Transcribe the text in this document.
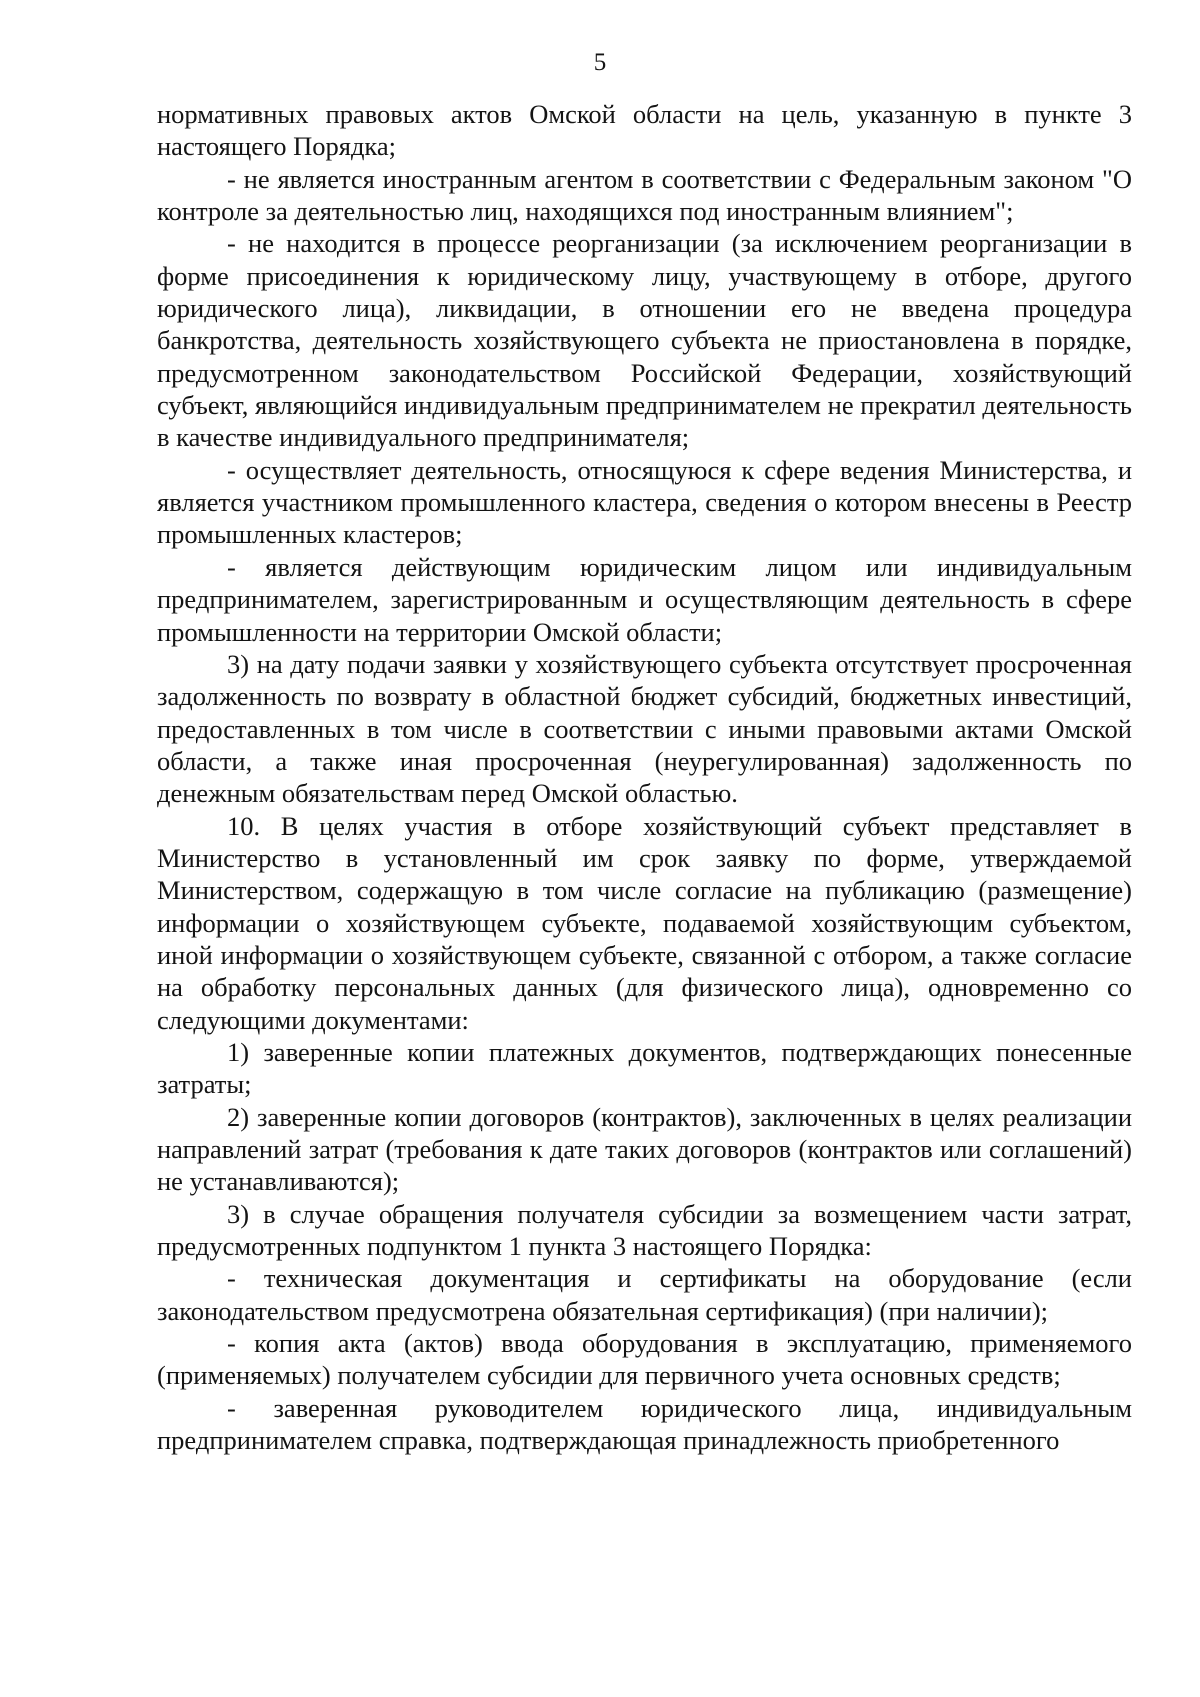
5

нормативных правовых актов Омской области на цель, указанную в пункте 3 настоящего Порядка;

- не является иностранным агентом в соответствии с Федеральным законом "О контроле за деятельностью лиц, находящихся под иностранным влиянием";

- не находится в процессе реорганизации (за исключением реорганизации в форме присоединения к юридическому лицу, участвующему в отборе, другого юридического лица), ликвидации, в отношении его не введена процедура банкротства, деятельность хозяйствующего субъекта не приостановлена в порядке, предусмотренном законодательством Российской Федерации, хозяйствующий субъект, являющийся индивидуальным предпринимателем не прекратил деятельность в качестве индивидуального предпринимателя;

- осуществляет деятельность, относящуюся к сфере ведения Министерства, и является участником промышленного кластера, сведения о котором внесены в Реестр промышленных кластеров;

- является действующим юридическим лицом или индивидуальным предпринимателем, зарегистрированным и осуществляющим деятельность в сфере промышленности на территории Омской области;

3) на дату подачи заявки у хозяйствующего субъекта отсутствует просроченная задолженность по возврату в областной бюджет субсидий, бюджетных инвестиций, предоставленных в том числе в соответствии с иными правовыми актами Омской области, а также иная просроченная (неурегулированная) задолженность по денежным обязательствам перед Омской областью.

10. В целях участия в отборе хозяйствующий субъект представляет в Министерство в установленный им срок заявку по форме, утверждаемой Министерством, содержащую в том числе согласие на публикацию (размещение) информации о хозяйствующем субъекте, подаваемой хозяйствующим субъектом, иной информации о хозяйствующем субъекте, связанной с отбором, а также согласие на обработку персональных данных (для физического лица), одновременно со следующими документами:

1) заверенные копии платежных документов, подтверждающих понесенные затраты;

2) заверенные копии договоров (контрактов), заключенных в целях реализации направлений затрат (требования к дате таких договоров (контрактов или соглашений) не устанавливаются);

3) в случае обращения получателя субсидии за возмещением части затрат, предусмотренных подпунктом 1 пункта 3 настоящего Порядка:

- техническая документация и сертификаты на оборудование (если законодательством предусмотрена обязательная сертификация) (при наличии);

- копия акта (актов) ввода оборудования в эксплуатацию, применяемого (применяемых) получателем субсидии для первичного учета основных средств;

- заверенная руководителем юридического лица, индивидуальным предпринимателем справка, подтверждающая принадлежность приобретенного
